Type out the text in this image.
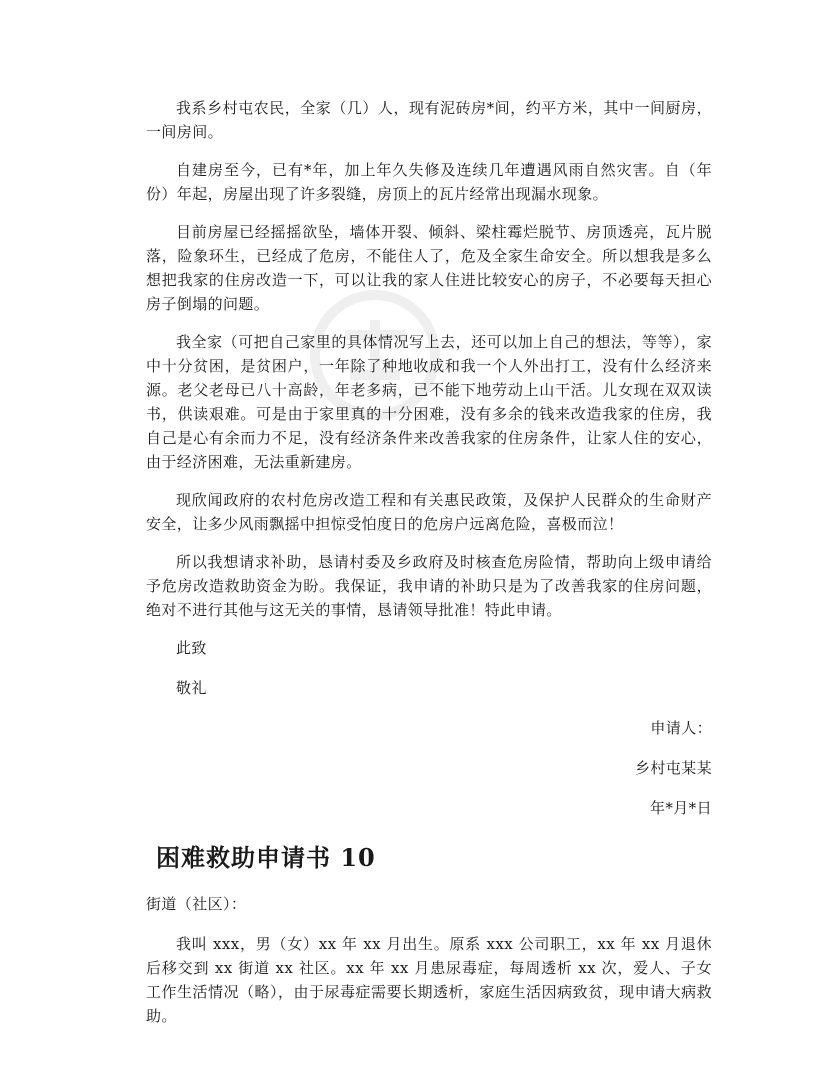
我系乡村屯农民，全家（几）人，现有泥砖房*间，约平方米，其中一间厨房，一间房间。

自建房至今，已有*年，加上年久失修及连续几年遭遇风雨自然灾害。自（年份）年起，房屋出现了许多裂缝，房顶上的瓦片经常出现漏水现象。

目前房屋已经摇摇欲坠，墙体开裂、倾斜、梁柱霉烂脱节、房顶透亮，瓦片脱落，险象环生，已经成了危房，不能住人了，危及全家生命安全。所以想我是多么想把我家的住房改造一下，可以让我的家人住进比较安心的房子，不必要每天担心房子倒塌的问题。

我全家（可把自己家里的具体情况写上去，还可以加上自己的想法，等等），家中十分贫困，是贫困户，一年除了种地收成和我一个人外出打工，没有什么经济来源。老父老母已八十高龄，年老多病，已不能下地劳动上山干活。儿女现在双双读书，供读艰难。可是由于家里真的十分困难，没有多余的钱来改造我家的住房，我自己是心有余而力不足，没有经济条件来改善我家的住房条件，让家人住的安心，由于经济困难，无法重新建房。

现欣闻政府的农村危房改造工程和有关惠民政策，及保护人民群众的生命财产安全，让多少风雨飘摇中担惊受怕度日的危房户远离危险，喜极而泣！

所以我想请求补助，恳请村委及乡政府及时核查危房险情，帮助向上级申请给予危房改造救助资金为盼。我保证，我申请的补助只是为了改善我家的住房问题，绝对不进行其他与这无关的事情，恳请领导批准！特此申请。

此致

敬礼

申请人：

乡村屯某某

年*月*日

困难救助申请书 10

街道（社区）：

我叫 xxx，男（女）xx 年 xx 月出生。原系 xxx 公司职工，xx 年 xx 月退休后移交到 xx 街道 xx 社区。xx 年 xx 月患尿毒症，每周透析 xx 次，爱人、子女工作生活情况（略），由于尿毒症需要长期透析，家庭生活因病致贫，现申请大病救助。
